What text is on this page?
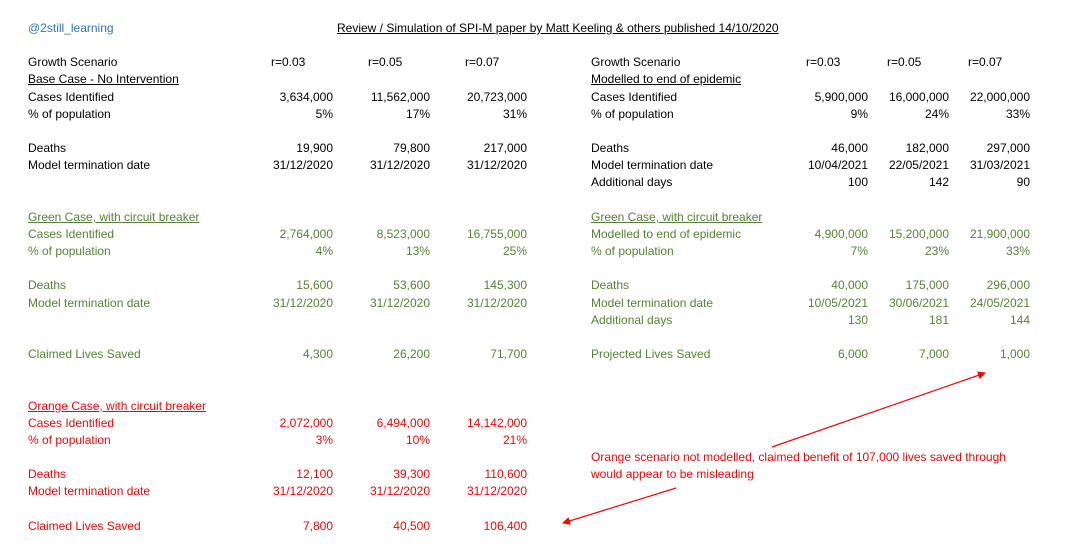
@2still_learning	Review / Simulation of SPI-M paper by Matt Keeling & others published 14/10/2020
Growth Scenario	r=0.03	r=0.05	r=0.07
Base Case - No Intervention
Cases Identified	3,634,000	11,562,000	20,723,000
% of population	5%	17%	31%
Deaths	19,900	79,800	217,000
Model termination date	31/12/2020	31/12/2020	31/12/2020
Green Case, with circuit breaker
Cases Identified	2,764,000	8,523,000	16,755,000
% of population	4%	13%	25%
Deaths	15,600	53,600	145,300
Model termination date	31/12/2020	31/12/2020	31/12/2020
Claimed Lives Saved	4,300	26,200	71,700
Orange Case, with circuit breaker
Cases Identified	2,072,000	6,494,000	14,142,000
% of population	3%	10%	21%
Deaths	12,100	39,300	110,600
Model termination date	31/12/2020	31/12/2020	31/12/2020
Claimed Lives Saved	7,800	40,500	106,400
Growth Scenario	r=0.03	r=0.05	r=0.07
Modelled to end of epidemic
Cases Identified	5,900,000	16,000,000	22,000,000
% of population	9%	24%	33%
Deaths	46,000	182,000	297,000
Model termination date	10/04/2021	22/05/2021	31/03/2021
Additional days	100	142	90
Green Case, with circuit breaker
Modelled to end of epidemic	4,900,000	15,200,000	21,900,000
% of population	7%	23%	33%
Deaths	40,000	175,000	296,000
Model termination date	10/05/2021	30/06/2021	24/05/2021
Additional days	130	181	144
Projected Lives Saved	6,000	7,000	1,000
Orange scenario not modelled, claimed benefit of 107,000 lives saved through
would appear to be misleading
